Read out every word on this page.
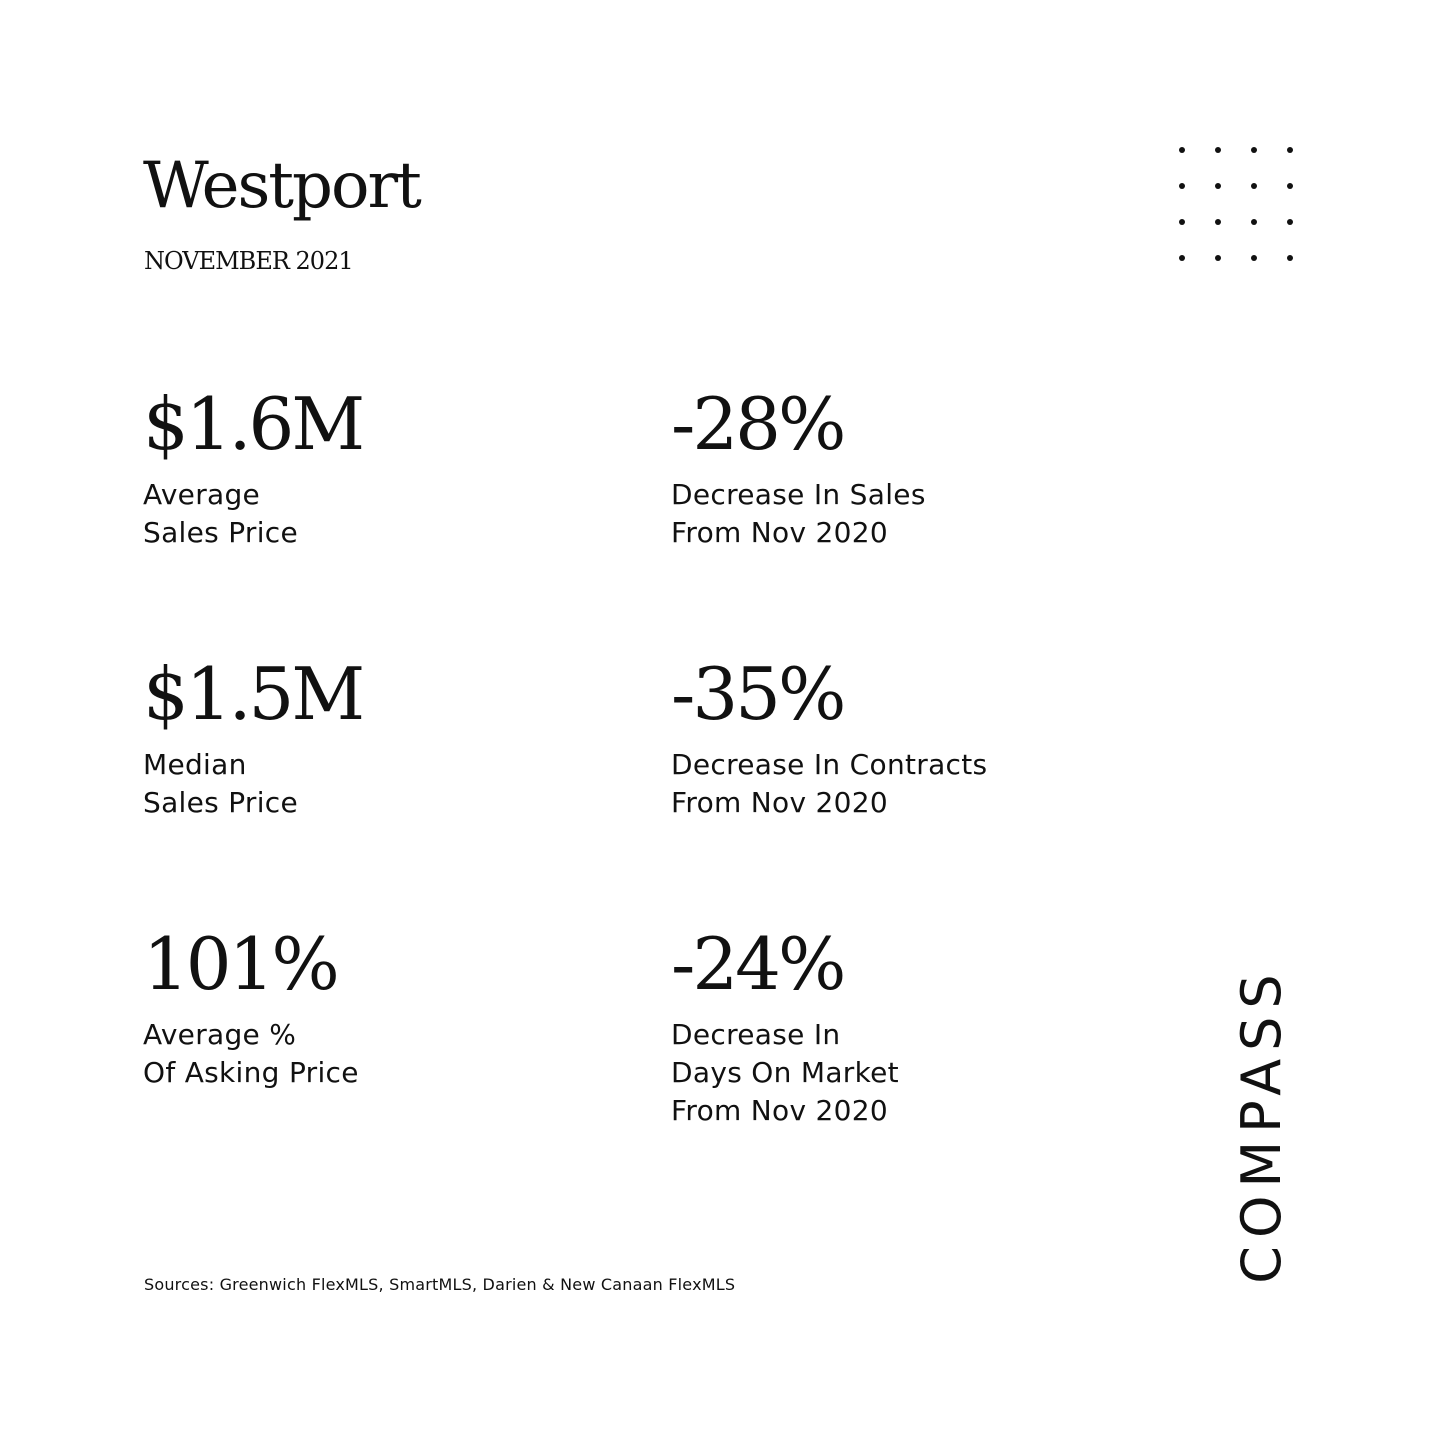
Westport
NOVEMBER 2021
$1.6M
Average
Sales Price
-28%
Decrease In Sales
From Nov 2020
$1.5M
Median
Sales Price
-35%
Decrease In Contracts
From Nov 2020
101%
Average %
Of Asking Price
-24%
Decrease In
Days On Market
From Nov 2020
Sources: Greenwich FlexMLS, SmartMLS, Darien & New Canaan FlexMLS
COMPASS
